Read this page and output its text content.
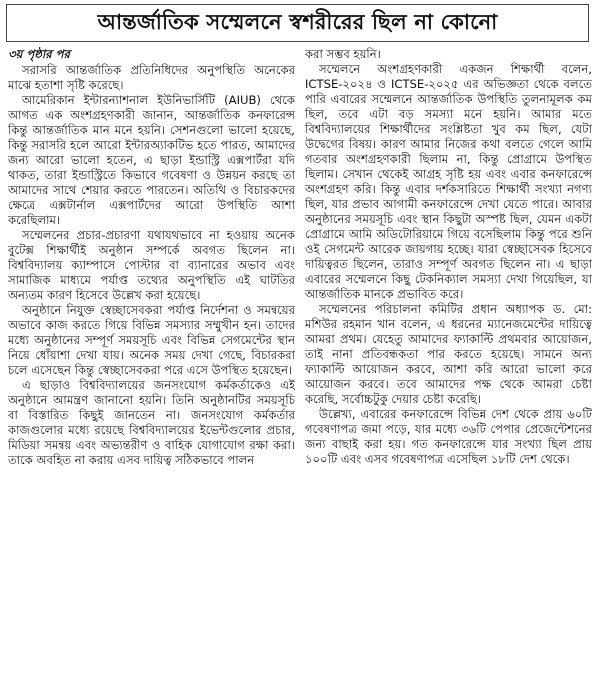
আন্তর্জাতিক সম্মেলনে স্বশরীরের ছিল না কোনো
৩য় পৃষ্ঠার পর

সরাসরি আন্তর্জাতিক প্রতিনিধিদের অনুপস্থিতি অনেকের মাঝে হতাশা সৃষ্টি করেছে।

আমেরিকান ইন্টারন্যাশনাল ইউনিভার্সিটি (AIUB) থেকে আগত এক অংশগ্রহণকারী জানান, আন্তর্জাতিক কনফারেন্স কিন্তু আন্তর্জাতিক মান মনে হয়নি। সেশনগুলো ভালো হয়েছে, কিন্তু সরাসরি হলে আরো ইন্টারঅ্যাকটিভ হতে পারত, আমাদের জন্য আরো ভালো হতেন, এ ছাড়া ইন্ডাস্ট্রি এক্সপার্টরা যদি থাকত, তারা ইন্ডাস্ট্রিতে কিভাবে গবেষণা ও উন্নয়ন করছে তা আমাদের সাথে শেয়ার করতে পারতেন। অতিথি ও বিচারকদের ক্ষেত্রে এক্সটার্নাল এক্সপার্টদের আরো উপস্থিতি আশা করেছিলাম।

সম্মেলনের প্রচার-প্রচারণা যথাযথভাবে না হওয়ায় অনেক বুটেক্স শিক্ষার্থীই অনুষ্ঠান সম্পর্কে অবগত ছিলেন না। বিশ্ববিদ্যালয় ক্যাম্পাসে পোস্টার বা ব্যানারের অভাব এবং সামাজিক মাধ্যমে পর্যাপ্ত তথ্যের অনুপস্থিতি এই ঘাটতির অন্যতম কারণ হিসেবে উল্লেখ করা হয়েছে।

অনুষ্ঠানে নিযুক্ত স্বেচ্ছাসেবকরা পর্যাপ্ত নির্দেশনা ও সমন্বয়ের অভাবে কাজ করতে গিয়ে বিভিন্ন সমস্যার সম্মুখীন হন। তাদের মধ্যে অনুষ্ঠানের সম্পূর্ণ সময়সূচি এবং বিভিন্ন সেগমেন্টের স্থান নিয়ে ধোঁয়াশা দেখা যায়। অনেক সময় দেখা গেছে, বিচারকরা চলে এসেছেন কিন্তু স্বেচ্ছাসেবকরা পরে এসে উপস্থিত হয়েছেন।

এ ছাড়াও বিশ্ববিদ্যালয়ের জনসংযোগ কর্মকর্তাকেও এই অনুষ্ঠানে আমন্ত্রণ জানানো হয়নি। তিনি অনুষ্ঠানটির সময়সূচি বা বিস্তারিত কিছুই জানতেন না। জনসংযোগ কর্মকর্তার কাজগুলোর মধ্যে রয়েছে বিশ্ববিদ্যালয়ের ইভেন্টগুলোর প্রচার, মিডিয়া সমন্বয় এবং অভ্যন্তরীণ ও বাহিক যোগাযোগ রক্ষা করা। তাকে অবহিত না করায় এসব দায়িত্ব সঠিকভাবে পালন

করা সম্ভব হয়নি।

সম্মেলনে অংশগ্রহণকারী একজন শিক্ষার্থী বলেন, ICTSE-২০২৪ ও ICTSE-২০২৫ এর অভিজ্ঞতা থেকে বলতে পারি এবারের সম্মেলনে আন্তর্জাতিক উপস্থিতি তুলনামূলক কম ছিল, তবে এটা বড় সমস্যা মনে হয়নি। আমার মতে বিশ্ববিদ্যালয়ের শিক্ষার্থীদের সংশ্লিষ্টতা খুব কম ছিল, যেটা উদ্বেগের বিষয়। কারণ আমার নিজের কথা বলতে গেলে আমি গতবার অংশগ্রহণকারী ছিলাম না, কিন্তু প্রোগ্রামে উপস্থিত ছিলাম। সেখান থেকেই আগ্রহ সৃষ্টি হয় এবং এবার কনফারেন্সে অংশগ্রহণ করি। কিন্তু এবার দর্শকসারিতে শিক্ষার্থী সংখ্যা নগণ্য ছিল, যার প্রভাব আগামী কনফারেন্সে দেখা যেতে পারে। আবার অনুষ্ঠানের সময়সূচি এবং স্থান কিছুটা অস্পষ্ট ছিল, যেমন একটা প্রোগ্রামে আমি অডিটোরিয়ামে গিয়ে বসেছিলাম কিন্তু পরে শুনি ওই সেগমেন্ট আরেক জায়গায় হচ্ছে। যারা স্বেচ্ছাসেবক হিসেবে দায়িত্বরত ছিলেন, তারাও সম্পূর্ণ অবগত ছিলেন না। এ ছাড়া এবারের সম্মেলনে কিছু টেকনিক্যাল সমস্যা দেখা গিয়েছিল, যা আন্তর্জাতিক মানকে প্রভাবিত করে।

সম্মেলনের পরিচালনা কমিটির প্রধান অধ্যাপক ড. মো: মশিউর রহমান খান বলেন, এ ধরনের ম্যানেজমেন্টের দায়িত্বে আমরা প্রথম। যেহেতু আমাদের ফ্যাকাল্টি প্রথমবার আয়োজন, তাই নানা প্রতিবন্ধকতা পার করতে হয়েছে। সামনে অন্য ফ্যাকাল্টি আয়োজন করবে, আশা করি আরো ভালো করে আয়োজন করবে। তবে আমাদের পক্ষ থেকে আমরা চেষ্টা করেছি, সর্বোচ্চটুকু দেয়ার চেষ্টা করেছি।

উল্লেখ্য, এবারের কনফারেন্সে বিভিন্ন দেশ থেকে প্রায় ৬০টি গবেষণাপত্র জমা পড়ে, যার মধ্যে ৩৬টি পেপার প্রেজেন্টেশনের জন্য বাছাই করা হয়। গত কনফারেন্সে যার সংখ্যা ছিল প্রায় ১০০টি এবং এসব গবেষণাপত্র এসেছিল ১৮টি দেশ থেকে।
